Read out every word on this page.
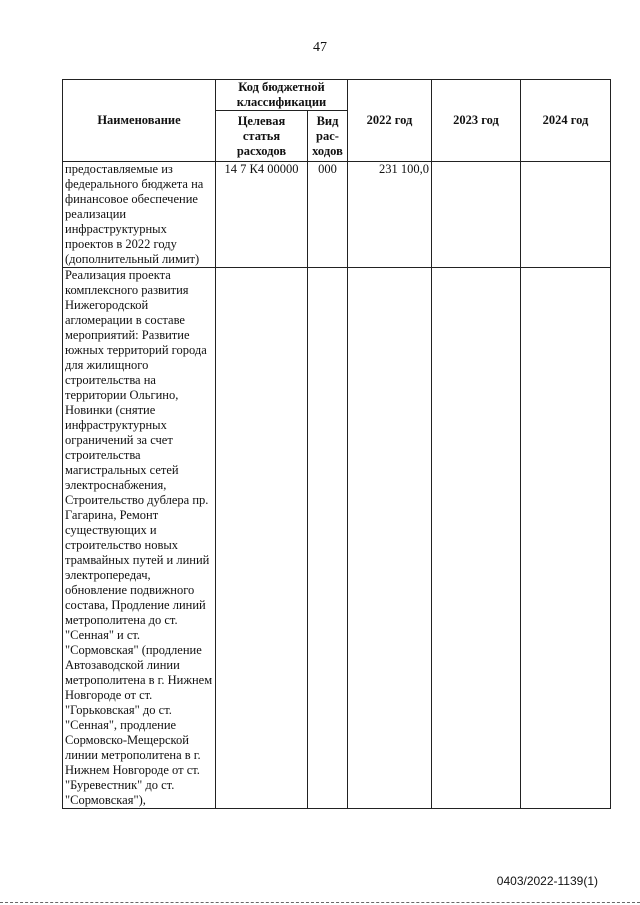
47
Наименование	Код бюджетной классификации		2022 год	2023 год	2024 год
	Целевая статья расходов	Вид рас-ходов			
предоставляемые из федерального бюджета на финансовое обеспечение реализации инфраструктурных проектов в 2022 году (дополнительный лимит)	14 7 К4 00000	000	231 100,0		
Реализация проекта комплексного развития Нижегородской агломерации в составе мероприятий: Развитие южных территорий города для жилищного строительства на территории Ольгино, Новинки (снятие инфраструктурных ограничений за счет строительства магистральных сетей электроснабжения, Строительство дублера пр. Гагарина, Ремонт существующих и строительство новых трамвайных путей и линий электропередач, обновление подвижного состава, Продление линий метрополитена до ст. "Сенная" и ст. "Сормовская" (продление Автозаводской линии метрополитена в г. Нижнем Новгороде от ст. "Горьковская" до ст. "Сенная", продление Сормовско-Мещерской линии метрополитена в г. Нижнем Новгороде от ст. "Буревестник" до ст. "Сормовская"),					
0403/2022-1139(1)
